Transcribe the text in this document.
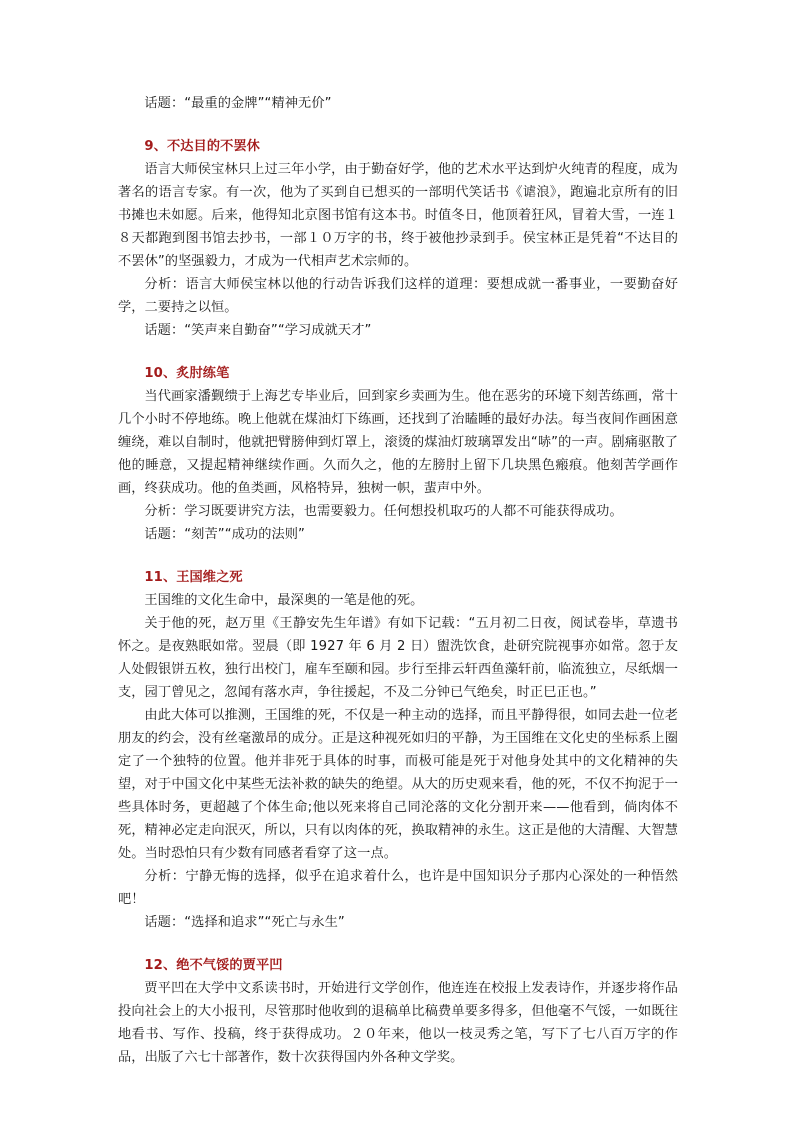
话题：“最重的金牌”“精神无价”

9、不达目的不罢休

语言大师侯宝林只上过三年小学，由于勤奋好学，他的艺术水平达到炉火纯青的程度，成为著名的语言专家。有一次，他为了买到自已想买的一部明代笑话书《谑浪》，跑遍北京所有的旧书摊也未如愿。后来，他得知北京图书馆有这本书。时值冬日，他顶着狂风，冒着大雪，一连１８天都跑到图书馆去抄书，一部１０万字的书，终于被他抄录到手。侯宝林正是凭着“不达目的不罢休”的坚强毅力，才成为一代相声艺术宗师的。

分析：语言大师侯宝林以他的行动告诉我们这样的道理：要想成就一番事业，一要勤奋好学，二要持之以恒。

话题：“笑声来自勤奋”“学习成就天才”

10、炙肘练笔

当代画家潘觐缋于上海艺专毕业后，回到家乡卖画为生。他在恶劣的环境下刻苦练画，常十几个小时不停地练。晚上他就在煤油灯下练画，还找到了治瞌睡的最好办法。每当夜间作画困意缠绕，难以自制时，他就把臂膀伸到灯罩上，滚烫的煤油灯玻璃罩发出“哧”的一声。剧痛驱散了他的睡意，又提起精神继续作画。久而久之，他的左膀肘上留下几块黑色瘢痕。他刻苦学画作画，终获成功。他的鱼类画，风格特异，独树一帜，蜚声中外。

分析：学习既要讲究方法，也需要毅力。任何想投机取巧的人都不可能获得成功。

话题：“刻苦”“成功的法则”

11、王国维之死

王国维的文化生命中，最深奥的一笔是他的死。

关于他的死，赵万里《王静安先生年谱》有如下记载：“五月初二日夜，阅试卷毕，草遗书怀之。是夜熟眠如常。翌晨（即 1927 年 6 月 2 日）盥洗饮食，赴研究院视事亦如常。忽于友人处假银饼五枚，独行出校门，雇车至颐和园。步行至排云轩西鱼藻轩前，临流独立，尽纸烟一支，园丁曾见之，忽闻有落水声，争往援起，不及二分钟已气绝矣，时正巳正也。”

由此大体可以推测，王国维的死，不仅是一种主动的选择，而且平静得很，如同去赴一位老朋友的约会，没有丝毫激昂的成分。正是这种视死如归的平静，为王国维在文化史的坐标系上圈定了一个独特的位置。他并非死于具体的时事，而极可能是死于对他身处其中的文化精神的失望，对于中国文化中某些无法补救的缺失的绝望。从大的历史观来看，他的死，不仅不拘泥于一些具体时务，更超越了个体生命;他以死来将自己同沦落的文化分割开来——他看到，倘肉体不死，精神必定走向泯灭，所以，只有以肉体的死，换取精神的永生。这正是他的大清醒、大智慧处。当时恐怕只有少数有同感者看穿了这一点。

分析：宁静无悔的选择，似乎在追求着什么，也许是中国知识分子那内心深处的一种悟然吧！

话题：“选择和追求”“死亡与永生”

12、绝不气馁的贾平凹

贾平凹在大学中文系读书时，开始进行文学创作，他连连在校报上发表诗作，并逐步将作品投向社会上的大小报刊，尽管那时他收到的退稿单比稿费单要多得多，但他毫不气馁，一如既往地看书、写作、投稿，终于获得成功。２０年来，他以一枝灵秀之笔，写下了七八百万字的作品，出版了六七十部著作，数十次获得国内外各种文学奖。
